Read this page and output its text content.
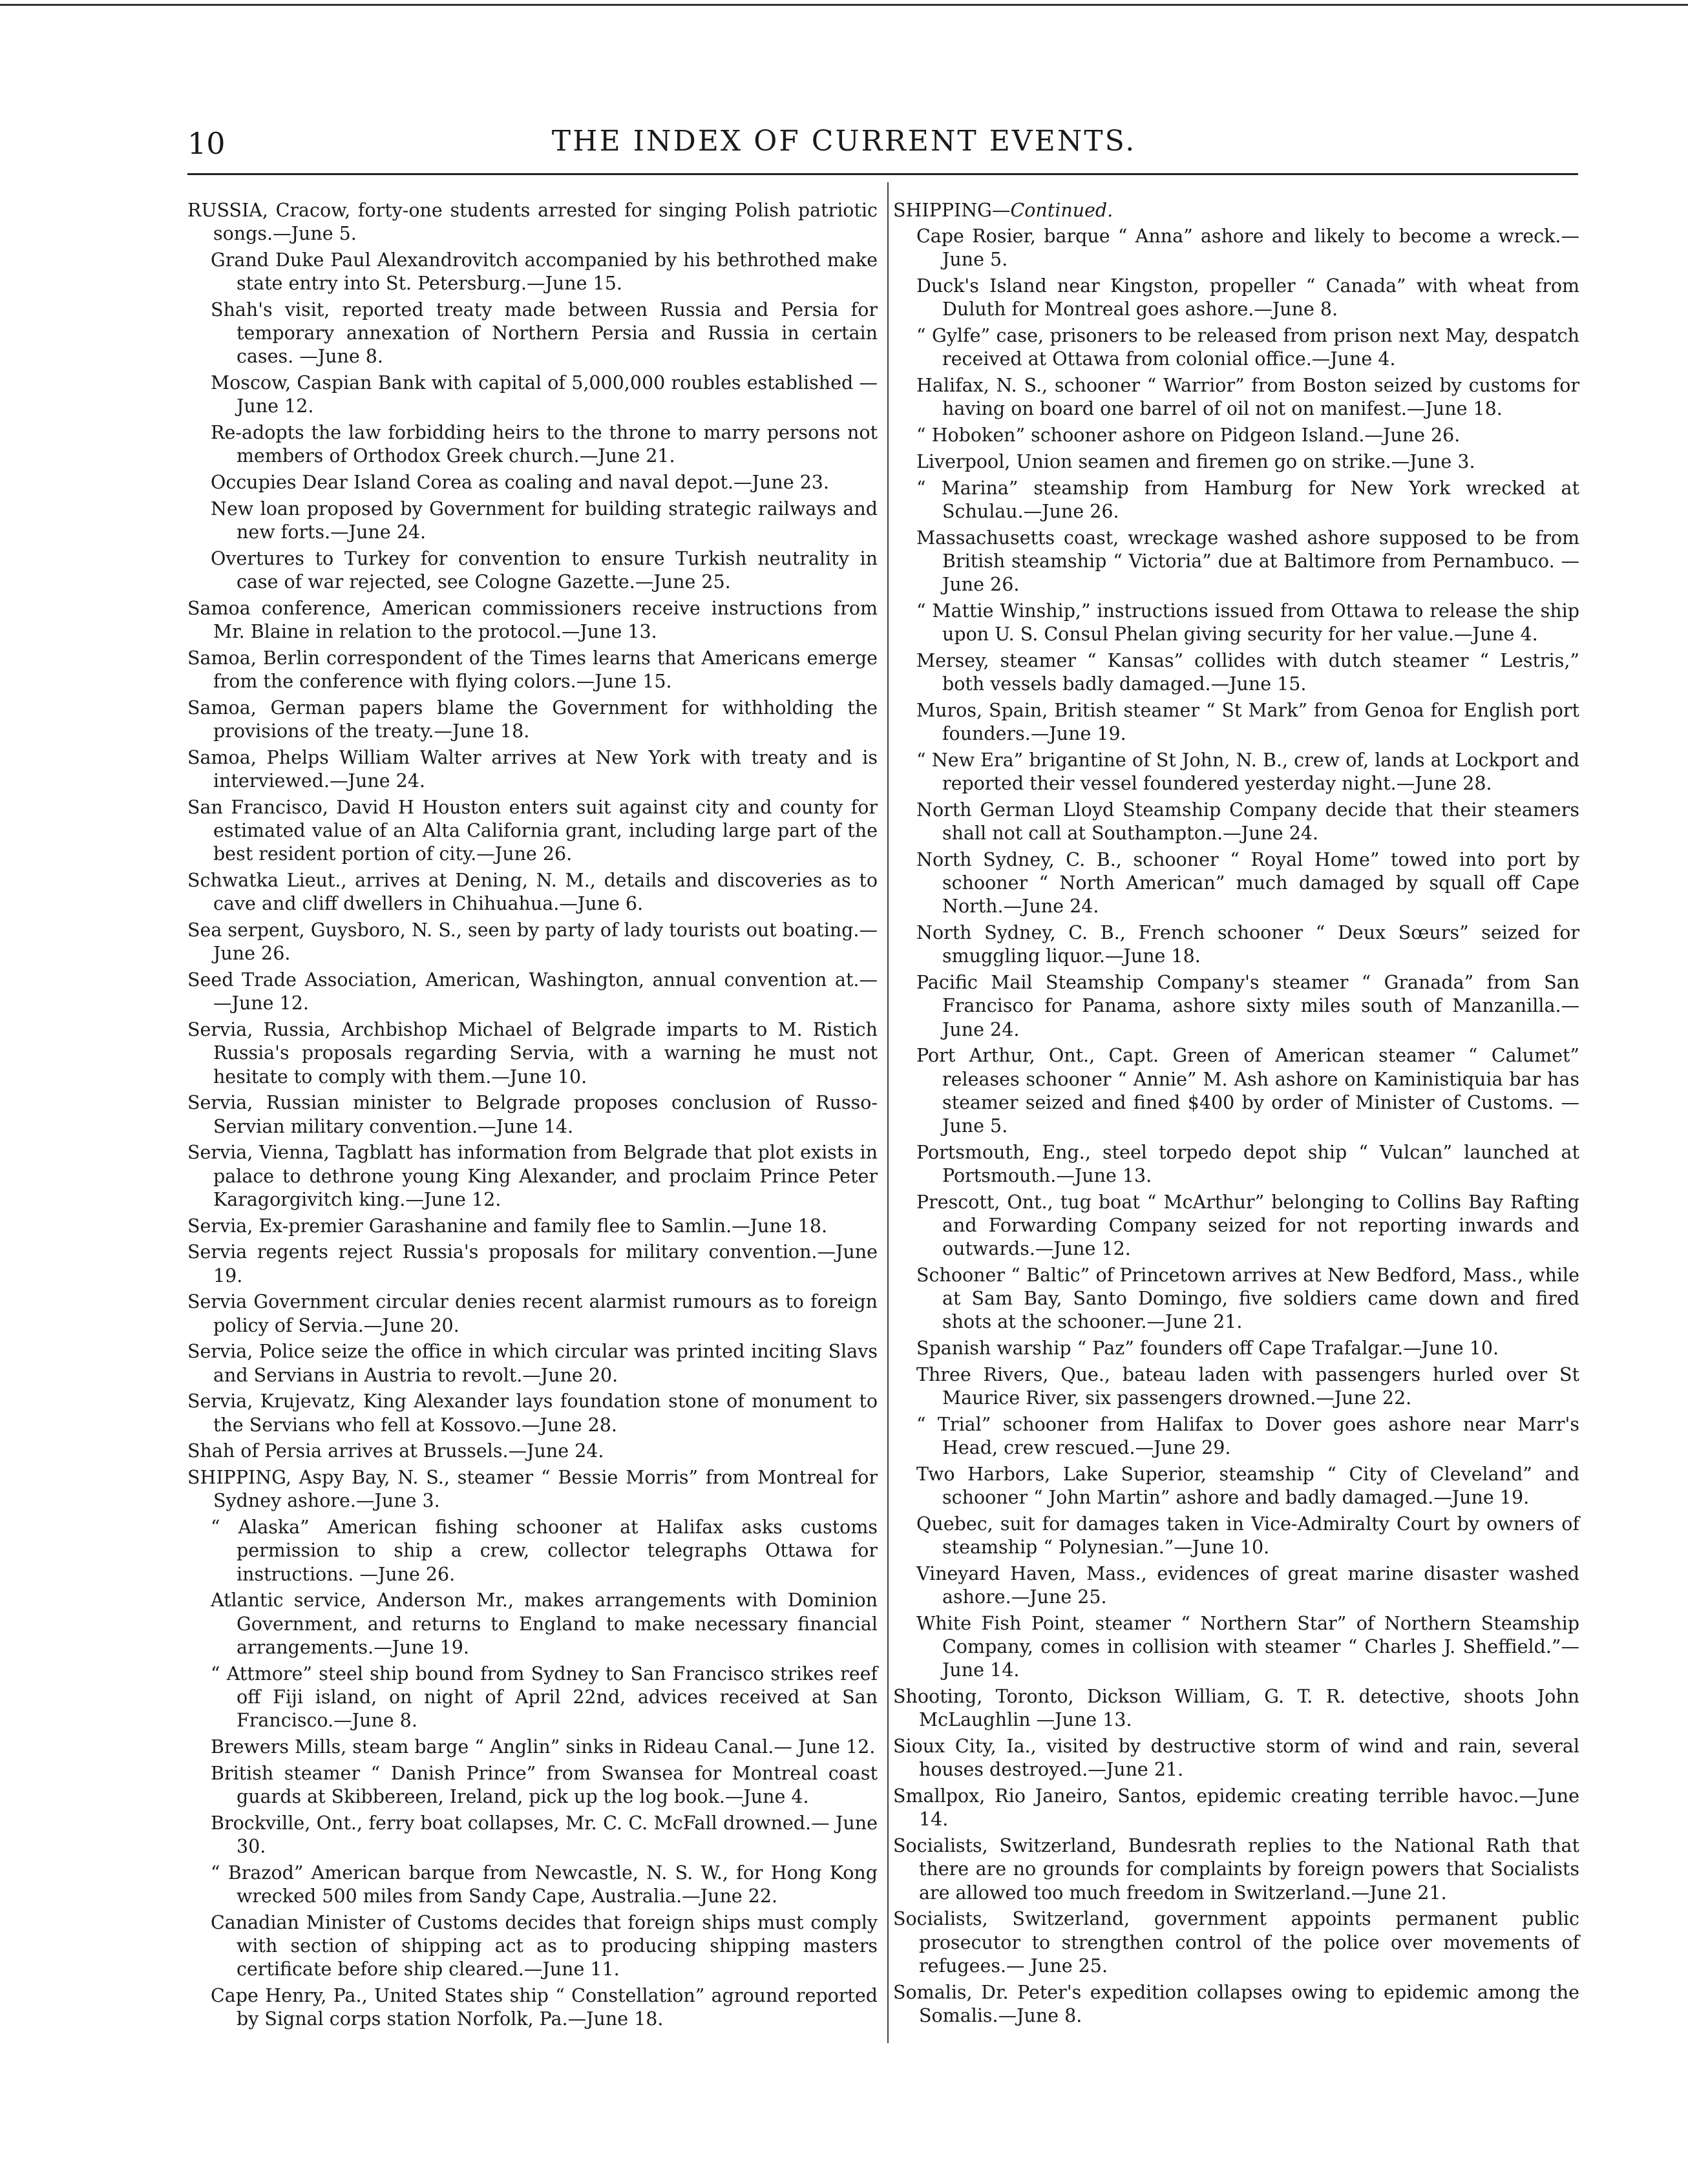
10	THE INDEX OF CURRENT EVENTS.
RUSSIA, Cracow, forty-one students arrested for singing Polish patriotic songs.—June 5.
Grand Duke Paul Alexandrovitch accompanied by his bethrothed make state entry into St. Petersburg.—June 15.
Shah's visit, reported treaty made between Russia and Persia for temporary annexation of Northern Persia and Russia in certain cases. —June 8.
Moscow, Caspian Bank with capital of 5,000,000 roubles established —June 12.
Re-adopts the law forbidding heirs to the throne to marry persons not members of Orthodox Greek church.—June 21.
Occupies Dear Island Corea as coaling and naval depot.—June 23.
New loan proposed by Government for building strategic railways and new forts.—June 24.
Overtures to Turkey for convention to ensure Turkish neutrality in case of war rejected, see Cologne Gazette.—June 25.
Samoa conference, American commissioners receive instructions from Mr. Blaine in relation to the protocol.—June 13.
Samoa, Berlin correspondent of the Times learns that Americans emerge from the conference with flying colors.—June 15.
Samoa, German papers blame the Government for withholding the provisions of the treaty.—June 18.
Samoa, Phelps William Walter arrives at New York with treaty and is interviewed.—June 24.
San Francisco, David H Houston enters suit against city and county for estimated value of an Alta California grant, including large part of the best resident portion of city.—June 26.
Schwatka Lieut., arrives at Dening, N. M., details and discoveries as to cave and cliff dwellers in Chihuahua.—June 6.
Sea serpent, Guysboro, N. S., seen by party of lady tourists out boating.—June 26.
Seed Trade Association, American, Washington, annual convention at.— —June 12.
Servia, Russia, Archbishop Michael of Belgrade imparts to M. Ristich Russia's proposals regarding Servia, with a warning he must not hesitate to comply with them.—June 10.
Servia, Russian minister to Belgrade proposes conclusion of Russo-Servian military convention.—June 14.
Servia, Vienna, Tagblatt has information from Belgrade that plot exists in palace to dethrone young King Alexander, and proclaim Prince Peter Karagorgivitch king.—June 12.
Servia, Ex-premier Garashanine and family flee to Samlin.—June 18.
Servia regents reject Russia's proposals for military convention.—June 19.
Servia Government circular denies recent alarmist rumours as to foreign policy of Servia.—June 20.
Servia, Police seize the office in which circular was printed inciting Slavs and Servians in Austria to revolt.—June 20.
Servia, Krujevatz, King Alexander lays foundation stone of monument to the Servians who fell at Kossovo.—June 28.
Shah of Persia arrives at Brussels.—June 24.
SHIPPING, Aspy Bay, N. S., steamer “ Bessie Morris” from Montreal for Sydney ashore.—June 3.
“ Alaska” American fishing schooner at Halifax asks customs permission to ship a crew, collector telegraphs Ottawa for instructions. —June 26.
Atlantic service, Anderson Mr., makes arrangements with Dominion Government, and returns to England to make necessary financial arrangements.—June 19.
“ Attmore” steel ship bound from Sydney to San Francisco strikes reef off Fiji island, on night of April 22nd, advices received at San Francisco.—June 8.
Brewers Mills, steam barge “ Anglin” sinks in Rideau Canal.— June 12.
British steamer “ Danish Prince” from Swansea for Montreal coast guards at Skibbereen, Ireland, pick up the log book.—June 4.
Brockville, Ont., ferry boat collapses, Mr. C. C. McFall drowned.— June 30.
“ Brazod” American barque from Newcastle, N. S. W., for Hong Kong wrecked 500 miles from Sandy Cape, Australia.—June 22.
Canadian Minister of Customs decides that foreign ships must comply with section of shipping act as to producing shipping masters certificate before ship cleared.—June 11.
Cape Henry, Pa., United States ship “ Constellation” aground reported by Signal corps station Norfolk, Pa.—June 18.
SHIPPING—Continued.
Cape Rosier, barque “ Anna” ashore and likely to become a wreck.— June 5.
Duck's Island near Kingston, propeller “ Canada” with wheat from Duluth for Montreal goes ashore.—June 8.
“ Gylfe” case, prisoners to be released from prison next May, despatch received at Ottawa from colonial office.—June 4.
Halifax, N. S., schooner “ Warrior” from Boston seized by customs for having on board one barrel of oil not on manifest.—June 18.
“ Hoboken” schooner ashore on Pidgeon Island.—June 26.
Liverpool, Union seamen and firemen go on strike.—June 3.
“ Marina” steamship from Hamburg for New York wrecked at Schulau.—June 26.
Massachusetts coast, wreckage washed ashore supposed to be from British steamship “ Victoria” due at Baltimore from Pernambuco. —June 26.
“ Mattie Winship,” instructions issued from Ottawa to release the ship upon U. S. Consul Phelan giving security for her value.—June 4.
Mersey, steamer “ Kansas” collides with dutch steamer “ Lestris,” both vessels badly damaged.—June 15.
Muros, Spain, British steamer “ St Mark” from Genoa for English port founders.—June 19.
“ New Era” brigantine of St John, N. B., crew of, lands at Lockport and reported their vessel foundered yesterday night.—June 28.
North German Lloyd Steamship Company decide that their steamers shall not call at Southampton.—June 24.
North Sydney, C. B., schooner “ Royal Home” towed into port by schooner “ North American” much damaged by squall off Cape North.—June 24.
North Sydney, C. B., French schooner “ Deux Sœurs” seized for smuggling liquor.—June 18.
Pacific Mail Steamship Company's steamer “ Granada” from San Francisco for Panama, ashore sixty miles south of Manzanilla.— June 24.
Port Arthur, Ont., Capt. Green of American steamer “ Calumet” releases schooner “ Annie” M. Ash ashore on Kaministiquia bar has steamer seized and fined $400 by order of Minister of Customs. —June 5.
Portsmouth, Eng., steel torpedo depot ship “ Vulcan” launched at Portsmouth.—June 13.
Prescott, Ont., tug boat “ McArthur” belonging to Collins Bay Rafting and Forwarding Company seized for not reporting inwards and outwards.—June 12.
Schooner “ Baltic” of Princetown arrives at New Bedford, Mass., while at Sam Bay, Santo Domingo, five soldiers came down and fired shots at the schooner.—June 21.
Spanish warship “ Paz” founders off Cape Trafalgar.—June 10.
Three Rivers, Que., bateau laden with passengers hurled over St Maurice River, six passengers drowned.—June 22.
“ Trial” schooner from Halifax to Dover goes ashore near Marr's Head, crew rescued.—June 29.
Two Harbors, Lake Superior, steamship “ City of Cleveland” and schooner “ John Martin” ashore and badly damaged.—June 19.
Quebec, suit for damages taken in Vice-Admiralty Court by owners of steamship “ Polynesian.”—June 10.
Vineyard Haven, Mass., evidences of great marine disaster washed ashore.—June 25.
White Fish Point, steamer “ Northern Star” of Northern Steamship Company, comes in collision with steamer “ Charles J. Sheffield.”— June 14.
Shooting, Toronto, Dickson William, G. T. R. detective, shoots John McLaughlin —June 13.
Sioux City, Ia., visited by destructive storm of wind and rain, several houses destroyed.—June 21.
Smallpox, Rio Janeiro, Santos, epidemic creating terrible havoc.—June 14.
Socialists, Switzerland, Bundesrath replies to the National Rath that there are no grounds for complaints by foreign powers that Socialists are allowed too much freedom in Switzerland.—June 21.
Socialists, Switzerland, government appoints permanent public prosecutor to strengthen control of the police over movements of refugees.— June 25.
Somalis, Dr. Peter's expedition collapses owing to epidemic among the Somalis.—June 8.
